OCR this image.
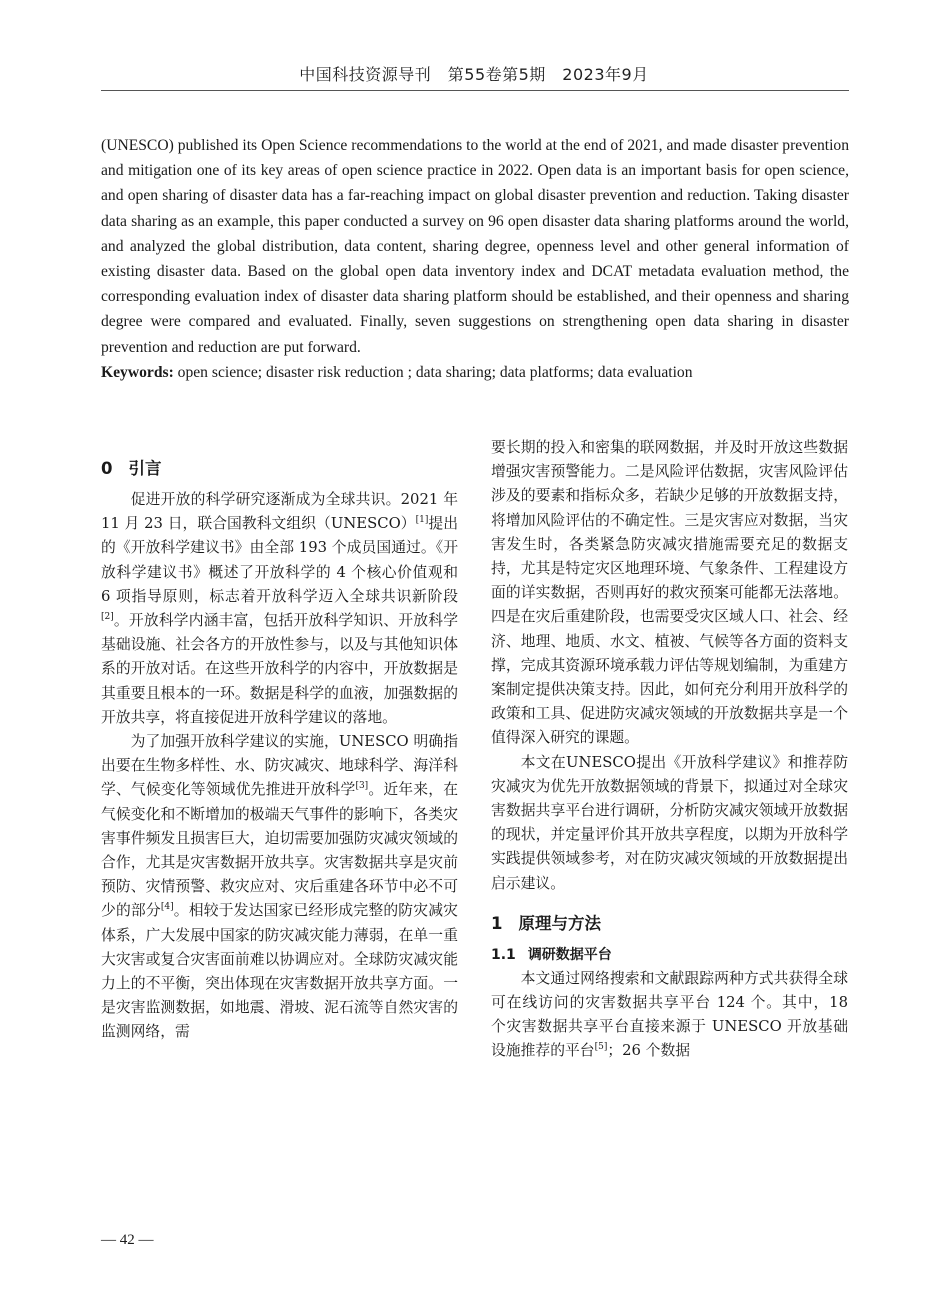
中国科技资源导刊　第55卷第5期　2023年9月

(UNESCO) published its Open Science recommendations to the world at the end of 2021, and made disaster prevention and mitigation one of its key areas of open science practice in 2022. Open data is an important basis for open science, and open sharing of disaster data has a far-reaching impact on global disaster prevention and reduction. Taking disaster data sharing as an example, this paper conducted a survey on 96 open disaster data sharing platforms around the world, and analyzed the global distribution, data content, sharing degree, openness level and other general information of existing disaster data. Based on the global open data inventory index and DCAT metadata evaluation method, the corresponding evaluation index of disaster data sharing platform should be established, and their openness and sharing degree were compared and evaluated. Finally, seven suggestions on strengthening open data sharing in disaster prevention and reduction are put forward.

Keywords: open science; disaster risk reduction ; data sharing; data platforms; data evaluation

0 引言

促进开放的科学研究逐渐成为全球共识。2021 年 11 月 23 日，联合国教科文组织（UNESCO）[1]提出的《开放科学建议书》由全部 193 个成员国通过。《开放科学建议书》概述了开放科学的 4 个核心价值观和 6 项指导原则，标志着开放科学迈入全球共识新阶段[2]。开放科学内涵丰富，包括开放科学知识、开放科学基础设施、社会各方的开放性参与，以及与其他知识体系的开放对话。在这些开放科学的内容中，开放数据是其重要且根本的一环。数据是科学的血液，加强数据的开放共享，将直接促进开放科学建议的落地。

为了加强开放科学建议的实施，UNESCO 明确指出要在生物多样性、水、防灾减灾、地球科学、海洋科学、气候变化等领域优先推进开放科学[3]。近年来，在气候变化和不断增加的极端天气事件的影响下，各类灾害事件频发且损害巨大，迫切需要加强防灾减灾领域的合作，尤其是灾害数据开放共享。灾害数据共享是灾前预防、灾情预警、救灾应对、灾后重建各环节中必不可少的部分[4]。相较于发达国家已经形成完整的防灾减灾体系，广大发展中国家的防灾减灾能力薄弱，在单一重大灾害或复合灾害面前难以协调应对。全球防灾减灾能力上的不平衡，突出体现在灾害数据开放共享方面。一是灾害监测数据，如地震、滑坡、泥石流等自然灾害的监测网络，需

要长期的投入和密集的联网数据，并及时开放这些数据增强灾害预警能力。二是风险评估数据，灾害风险评估涉及的要素和指标众多，若缺少足够的开放数据支持，将增加风险评估的不确定性。三是灾害应对数据，当灾害发生时，各类紧急防灾减灾措施需要充足的数据支持，尤其是特定灾区地理环境、气象条件、工程建设方面的详实数据，否则再好的救灾预案可能都无法落地。四是在灾后重建阶段，也需要受灾区域人口、社会、经济、地理、地质、水文、植被、气候等各方面的资料支撑，完成其资源环境承载力评估等规划编制，为重建方案制定提供决策支持。因此，如何充分利用开放科学的政策和工具、促进防灾减灾领域的开放数据共享是一个值得深入研究的课题。

本文在UNESCO提出《开放科学建议》和推荐防灾减灾为优先开放数据领域的背景下，拟通过对全球灾害数据共享平台进行调研，分析防灾减灾领域开放数据的现状，并定量评价其开放共享程度，以期为开放科学实践提供领域参考，对在防灾减灾领域的开放数据提出启示建议。

1 原理与方法
1.1 调研数据平台

本文通过网络搜索和文献跟踪两种方式共获得全球可在线访问的灾害数据共享平台 124 个。其中，18 个灾害数据共享平台直接来源于 UNESCO 开放基础设施推荐的平台[5]；26 个数据

— 42 —
